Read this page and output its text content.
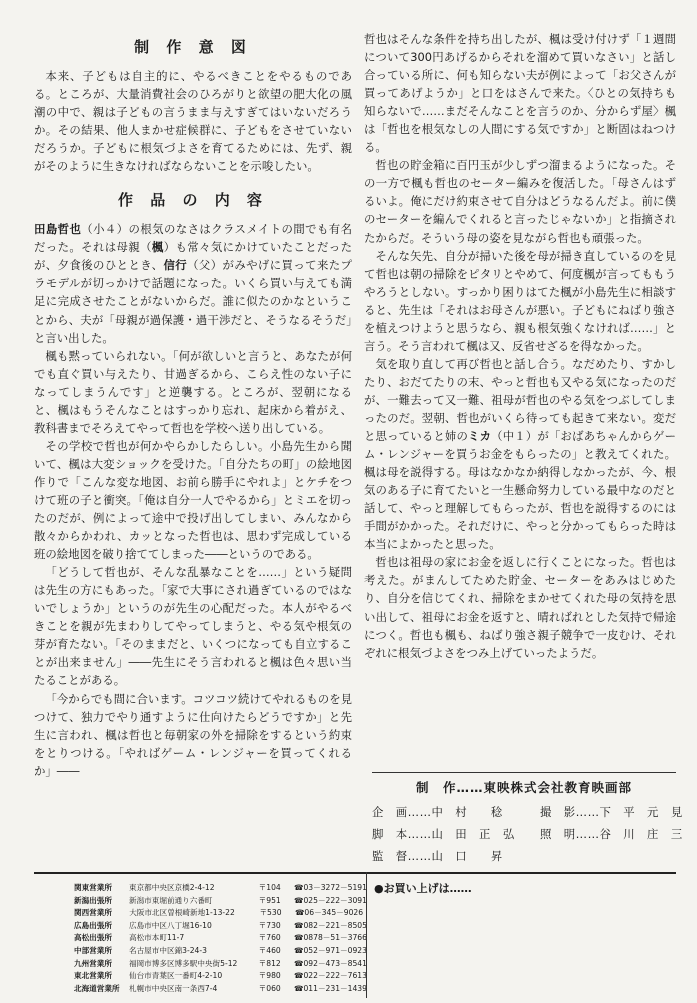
制 作 意 図

本来、子どもは自主的に、やるべきことをやるものである。ところが、大量消費社会のひろがりと欲望の肥大化の風潮の中で、親は子どもの言うまま与えすぎてはいないだろうか。その結果、他人まかせ症候群に、子どもをさせていないだろうか。子どもに根気づよさを育てるためには、先ず、親がそのように生きなければならないことを示唆したい。

作 品 の 内 容

田島哲也（小４）の根気のなさはクラスメイトの間でも有名だった。それは母親（楓）も常々気にかけていたことだったが、夕食後のひととき、信行（父）がみやげに買って来たプラモデルが切っかけで話題になった。いくら買い与えても満足に完成させたことがないからだ。誰に似たのかなということから、夫が「母親が過保護・過干渉だと、そうなるそうだ」と言い出した。

楓も黙っていられない。「何が欲しいと言うと、あなたが何でも直ぐ買い与えたり、甘過ぎるから、こらえ性のない子になってしまうんです」と逆襲する。ところが、翌朝になると、楓はもうそんなことはすっかり忘れ、起床から着がえ、教科書までそろえてやって哲也を学校へ送り出している。

その学校で哲也が何かやらかしたらしい。小島先生から聞いて、楓は大変ショックを受けた。「自分たちの町」の絵地図作りで「こんな変な地図、お前ら勝手にやれよ」とケチをつけて班の子と衝突。「俺は自分一人でやるから」とミエを切ったのだが、例によって途中で投げ出してしまい、みんなから散々からかわれ、カッとなった哲也は、思わず完成している班の絵地図を破り捨ててしまった――というのである。

「どうして哲也が、そんな乱暴なことを……」という疑問は先生の方にもあった。「家で大事にされ過ぎているのではないでしょうか」というのが先生の心配だった。本人がやるべきことを親が先まわりしてやってしまうと、やる気や根気の芽が育たない。「そのままだと、いくつになっても自立することが出来ません」――先生にそう言われると楓は色々思い当たることがある。

「今からでも間に合います。コツコツ続けてやれるものを見つけて、独力でやり通すように仕向けたらどうですか」と先生に言われ、楓は哲也と毎朝家の外を掃除をするという約束をとりつける。「やればゲーム・レンジャーを買ってくれるか」――

哲也はそんな条件を持ち出したが、楓は受け付けず「１週間について300円あげるからそれを溜めて買いなさい」と話し合っている所に、何も知らない夫が例によって「お父さんが買ってあげようか」と口をはさんで来た。〈ひとの気持ちも知らないで……まだそんなことを言うのか、分からず屋〉楓は「哲也を根気なしの人間にする気ですか」と断固はねつける。

哲也の貯金箱に百円玉が少しずつ溜まるようになった。その一方で楓も哲也のセーター編みを復活した。「母さんはずるいよ。俺にだけ約束させて自分はどうなるんだよ。前に僕のセーターを編んでくれると言ったじゃないか」と指摘されたからだ。そういう母の姿を見ながら哲也も頑張った。

そんな矢先、自分が掃いた後を母が掃き直しているのを見て哲也は朝の掃除をピタリとやめて、何度楓が言ってももうやろうとしない。すっかり困りはてた楓が小島先生に相談すると、先生は「それはお母さんが悪い。子どもにねばり強さを植えつけようと思うなら、親も根気強くなければ……」と言う。そう言われて楓は又、反省せざるを得なかった。

気を取り直して再び哲也と話し合う。なだめたり、すかしたり、おだてたりの末、やっと哲也も又やる気になったのだが、一難去って又一難、祖母が哲也のやる気をつぶしてしまったのだ。翌朝、哲也がいくら待っても起きて来ない。変だと思っていると姉のミカ（中１）が「おばあちゃんからゲーム・レンジャーを買うお金をもらったの」と教えてくれた。楓は母を説得する。母はなかなか納得しなかったが、今、根気のある子に育てたいと一生懸命努力している最中なのだと話して、やっと理解してもらったが、哲也を説得するのには手間がかかった。それだけに、やっと分かってもらった時は本当によかったと思った。

哲也は祖母の家にお金を返しに行くことになった。哲也は考えた。がまんしてためた貯金、セーターをあみはじめたり、自分を信じてくれ、掃除をまかせてくれた母の気持を思い出して、祖母にお金を返すと、晴ればれとした気持で帰途につく。哲也も楓も、ねばり強さ親子競争で一皮むけ、それぞれに根気づよさをつみ上げていったようだ。

制　作……東映株式会社教育映画部
企　画……中　村　　稔
脚　本……山　田　正　弘
監　督……山　口　　昇
撮　影……下　平　元　見
照　明……谷　川　庄　三
関東営業所	東京都中央区京橋2-4-12	〒104	☎03－3272－5191
新潟出張所	新潟市東堀前通り六番町	〒951	☎025－222－3091
関西営業所	大阪市北区曽根崎新地1-13-22	〒530	☎06－345－9026
広島出張所	広島市中区八丁堀16-10	〒730	☎082－221－8505
高松出張所	高松市本町11-7	〒760	☎0878－51－3766
中部営業所	名古屋市中区錦3-24-3	〒460	☎052－971－0923
九州営業所	福岡市博多区博多駅中央街5-12	〒812	☎092－473－8541
東北営業所	仙台市青葉区一番町4-2-10	〒980	☎022－222－7613
北海道営業所	札幌市中央区南一条西7-4	〒060	☎011－231－1439
●お買い上げは……
